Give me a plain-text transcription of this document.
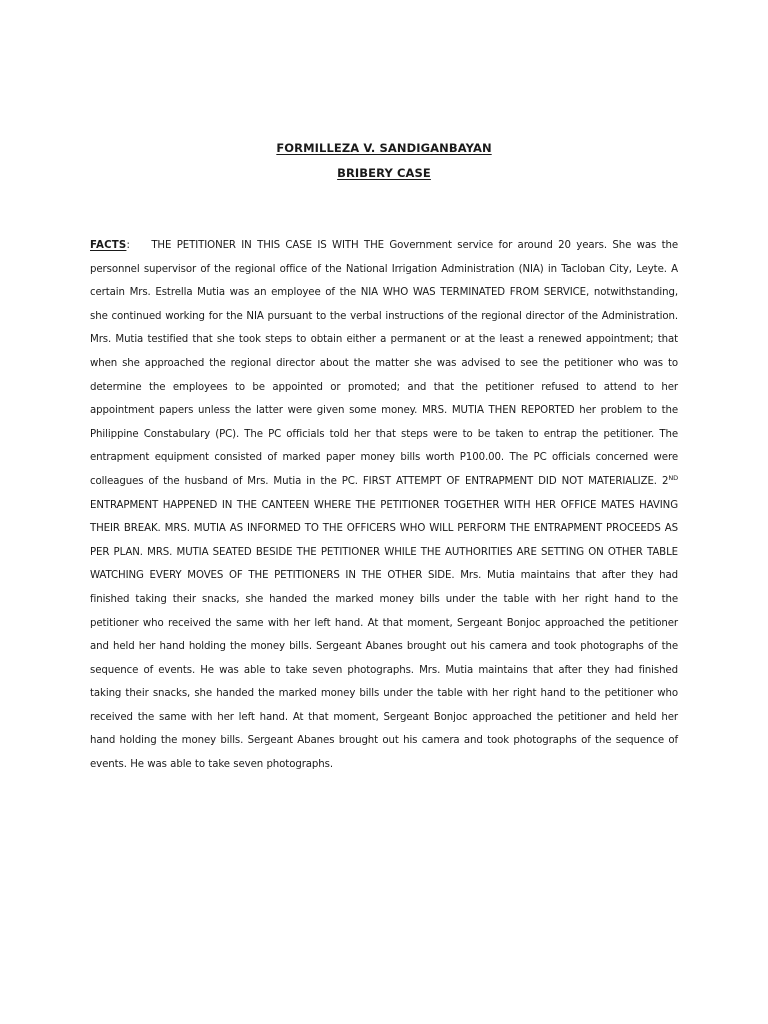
FORMILLEZA V. SANDIGANBAYAN
BRIBERY CASE
FACTS: THE PETITIONER IN THIS CASE IS WITH THE Government service for around 20 years. She was the personnel supervisor of the regional office of the National Irrigation Administration (NIA) in Tacloban City, Leyte. A certain Mrs. Estrella Mutia was an employee of the NIA WHO WAS TERMINATED FROM SERVICE, notwithstanding, she continued working for the NIA pursuant to the verbal instructions of the regional director of the Administration. Mrs. Mutia testified that she took steps to obtain either a permanent or at the least a renewed appointment; that when she approached the regional director about the matter she was advised to see the petitioner who was to determine the employees to be appointed or promoted; and that the petitioner refused to attend to her appointment papers unless the latter were given some money. MRS. MUTIA THEN REPORTED her problem to the Philippine Constabulary (PC). The PC officials told her that steps were to be taken to entrap the petitioner. The entrapment equipment consisted of marked paper money bills worth P100.00. The PC officials concerned were colleagues of the husband of Mrs. Mutia in the PC. FIRST ATTEMPT OF ENTRAPMENT DID NOT MATERIALIZE. 2ND ENTRAPMENT HAPPENED IN THE CANTEEN WHERE THE PETITIONER TOGETHER WITH HER OFFICE MATES HAVING THEIR BREAK. MRS. MUTIA AS INFORMED TO THE OFFICERS WHO WILL PERFORM THE ENTRAPMENT PROCEEDS AS PER PLAN. MRS. MUTIA SEATED BESIDE THE PETITIONER WHILE THE AUTHORITIES ARE SETTING ON OTHER TABLE WATCHING EVERY MOVES OF THE PETITIONERS IN THE OTHER SIDE. Mrs. Mutia maintains that after they had finished taking their snacks, she handed the marked money bills under the table with her right hand to the petitioner who received the same with her left hand. At that moment, Sergeant Bonjoc approached the petitioner and held her hand holding the money bills. Sergeant Abanes brought out his camera and took photographs of the sequence of events. He was able to take seven photographs. Mrs. Mutia maintains that after they had finished taking their snacks, she handed the marked money bills under the table with her right hand to the petitioner who received the same with her left hand. At that moment, Sergeant Bonjoc approached the petitioner and held her hand holding the money bills. Sergeant Abanes brought out his camera and took photographs of the sequence of events. He was able to take seven photographs.
